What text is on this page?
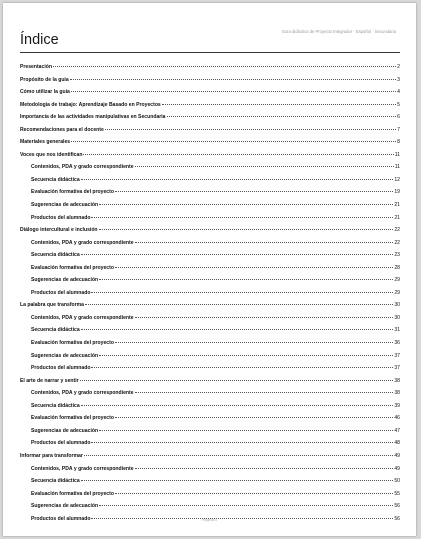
Guía didáctica de Proyecto Integrador · Español · Secundaria
Índice
Presentación	2
Propósito de la guía	3
Cómo utilizar la guía	4
Metodología de trabajo: Aprendizaje Basado en Proyectos	5
Importancia de las actividades manipulativas en Secundaria	6
Recomendaciones para el docente	7
Materiales generales	8
Voces que nos identifican	11
Contenidos, PDA y grado correspondiente	11
Secuencia didáctica	12
Evaluación formativa del proyecto	19
Sugerencias de adecuación	21
Productos del alumnado	21
Diálogo intercultural e inclusión	22
Contenidos, PDA y grado correspondiente	22
Secuencia didáctica	23
Evaluación formativa del proyecto	28
Sugerencias de adecuación	29
Productos del alumnado	29
La palabra que transforma	30
Contenidos, PDA y grado correspondiente	30
Secuencia didáctica	31
Evaluación formativa del proyecto	36
Sugerencias de adecuación	37
Productos del alumnado	37
El arte de narrar y sentir	38
Contenidos, PDA y grado correspondiente	38
Secuencia didáctica	39
Evaluación formativa del proyecto	46
Sugerencias de adecuación	47
Productos del alumnado	48
Informar para transformar	49
Contenidos, PDA y grado correspondiente	49
Secuencia didáctica	50
Evaluación formativa del proyecto	55
Sugerencias de adecuación	56
Productos del alumnado	56
Página II
